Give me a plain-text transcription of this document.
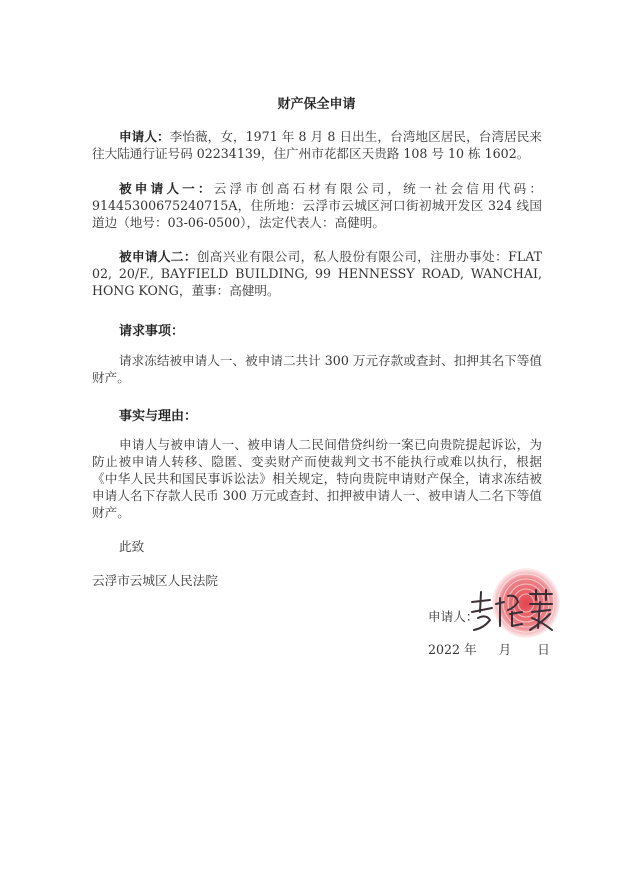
财产保全申请

申请人：李怡薇，女，1971 年 8 月 8 日出生，台湾地区居民，台湾居民来往大陆通行证号码 02234139，住广州市花都区天贵路 108 号 10 栋 1602。

被申请人一：云浮市创高石材有限公司，统一社会信用代码：91445300675240715A，住所地：云浮市云城区河口街初城开发区 324 线国道边（地号：03-06-0500），法定代表人：高健明。

被申请人二：创高兴业有限公司，私人股份有限公司，注册办事处：FLAT 02, 20/F., BAYFIELD BUILDING, 99 HENNESSY ROAD, WANCHAI, HONG KONG，董事：高健明。

请求事项：

请求冻结被申请人一、被申请二共计 300 万元存款或查封、扣押其名下等值财产。

事实与理由：

申请人与被申请人一、被申请人二民间借贷纠纷一案已向贵院提起诉讼，为防止被申请人转移、隐匿、变卖财产而使裁判文书不能执行或难以执行，根据《中华人民共和国民事诉讼法》相关规定，特向贵院申请财产保全，请求冻结被申请人名下存款人民币 300 万元或查封、扣押被申请人一、被申请人二名下等值财产。

此致
云浮市云城区人民法院
申请人：
2022 年 月 日
